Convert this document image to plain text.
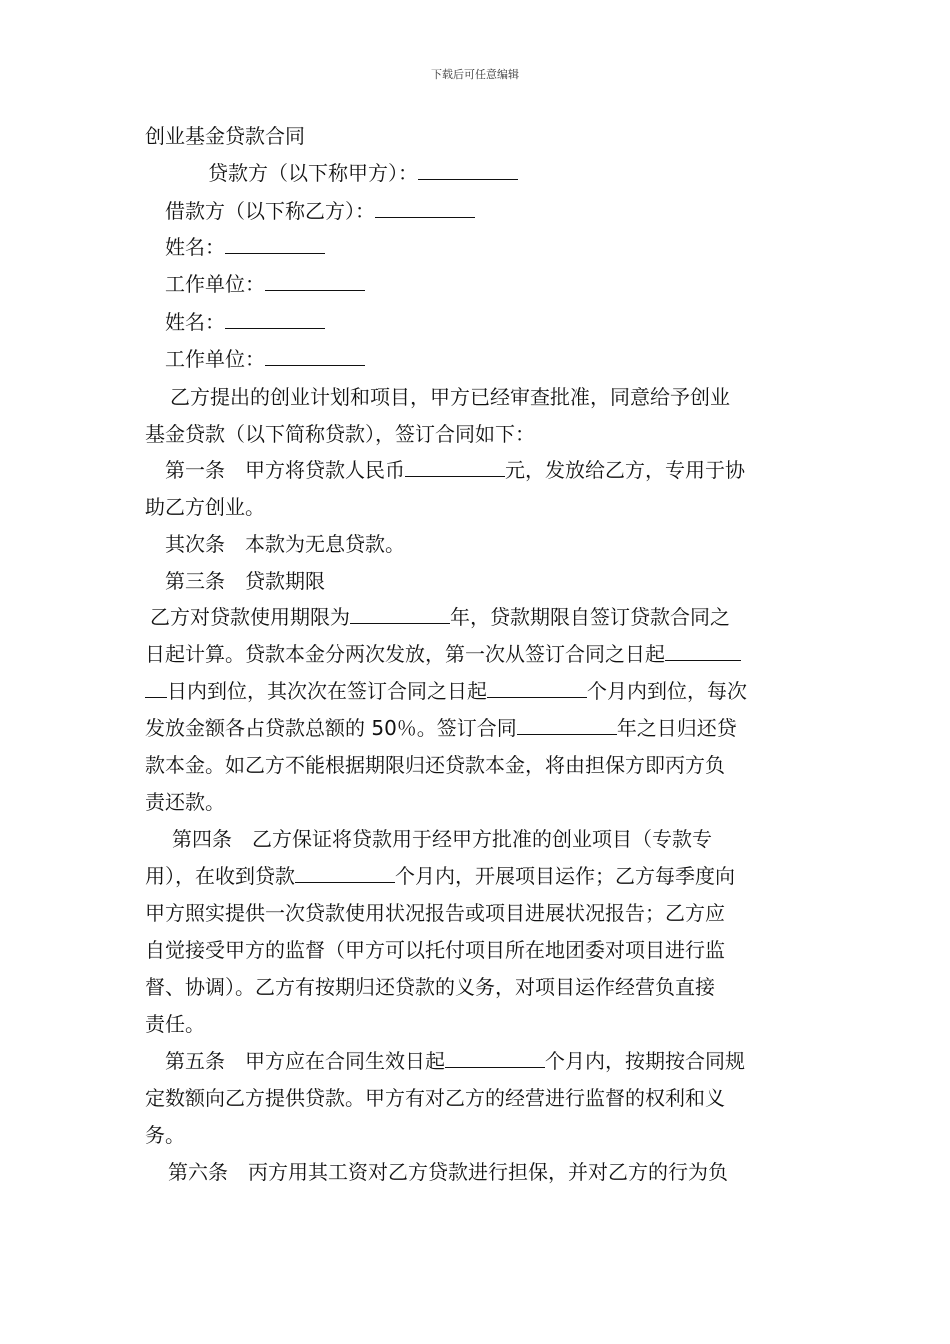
下载后可任意编辑
创业基金贷款合同
贷款方（以下称甲方）：
借款方（以下称乙方）：
姓名：
工作单位：
姓名：
工作单位：
乙方提出的创业计划和项目，甲方已经审查批准，同意给予创业
基金贷款（以下简称贷款），签订合同如下：
第一条　甲方将贷款人民币	元，发放给乙方，专用于协
助乙方创业。
其次条　本款为无息贷款。
第三条　贷款期限
乙方对贷款使用期限为	年，贷款期限自签订贷款合同之
日起计算。贷款本金分两次发放，第一次从签订合同之日起
日内到位，其次次在签订合同之日起	个月内到位，每次
发放金额各占贷款总额的 50％。签订合同	年之日归还贷
款本金。如乙方不能根据期限归还贷款本金，将由担保方即丙方负
责还款。
第四条　乙方保证将贷款用于经甲方批准的创业项目（专款专
用），在收到贷款	个月内，开展项目运作；乙方每季度向
甲方照实提供一次贷款使用状况报告或项目进展状况报告；乙方应
自觉接受甲方的监督（甲方可以托付项目所在地团委对项目进行监
督、协调）。乙方有按期归还贷款的义务，对项目运作经营负直接
责任。
第五条　甲方应在合同生效日起	个月内，按期按合同规
定数额向乙方提供贷款。甲方有对乙方的经营进行监督的权利和义
务。
第六条　丙方用其工资对乙方贷款进行担保，并对乙方的行为负
